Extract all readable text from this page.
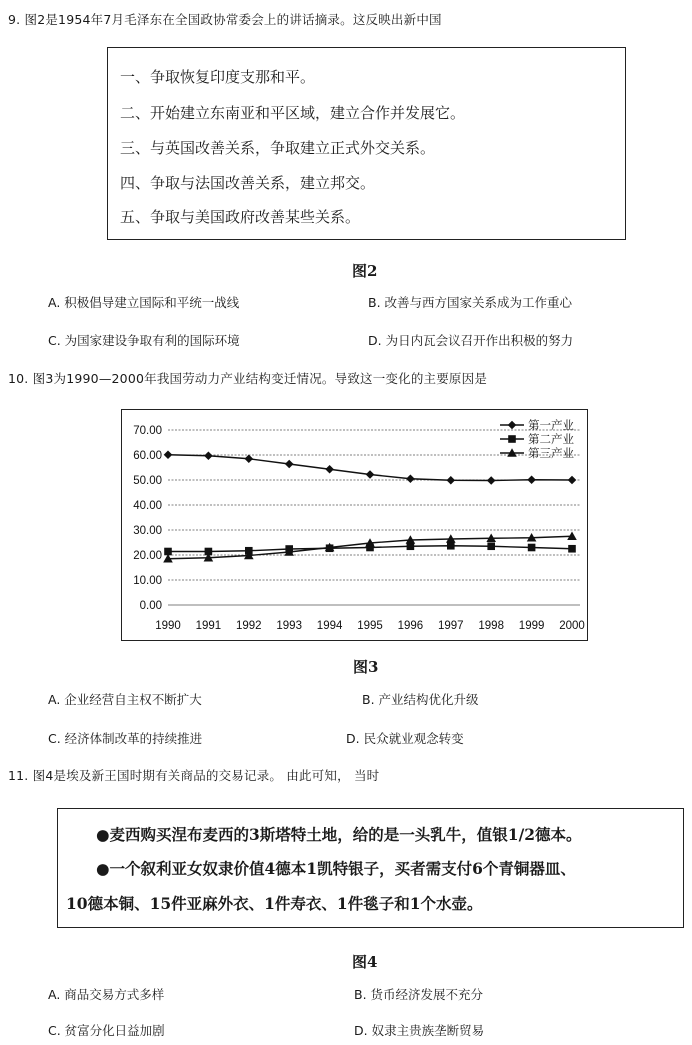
9. 图2是1954年7月毛泽东在全国政协常委会上的讲话摘录。这反映出新中国
一、争取恢复印度支那和平。
二、开始建立东南亚和平区域，建立合作并发展它。
三、与英国改善关系，争取建立正式外交关系。
四、争取与法国改善关系，建立邦交。
五、争取与美国政府改善某些关系。
图2
A. 积极倡导建立国际和平统一战线	B. 改善与西方国家关系成为工作重心
C. 为国家建设争取有利的国际环境	D. 为日内瓦会议召开作出积极的努力
10. 图3为1990—2000年我国劳动力产业结构变迁情况。导致这一变化的主要原因是
0.00
10.00
20.00
30.00
40.00
50.00
60.00
70.00
1990 1991 1992 1993 1994 1995 1996 1997 1998 1999 2000
第一产业
第二产业
第三产业
图3
A. 企业经营自主权不断扩大	B. 产业结构优化升级
C. 经济体制改革的持续推进	D. 民众就业观念转变
11. 图4是埃及新王国时期有关商品的交易记录。 由此可知， 当时
●麦西购买涅布麦西的3斯塔特土地，给的是一头乳牛，值银1/2德本。
●一个叙利亚女奴隶价值4德本1凯特银子，买者需支付6个青铜器皿、
10德本铜、15件亚麻外衣、1件寿衣、1件毯子和1个水壶。
图4
A. 商品交易方式多样	B. 货币经济发展不充分
C. 贫富分化日益加剧	D. 奴隶主贵族垄断贸易
